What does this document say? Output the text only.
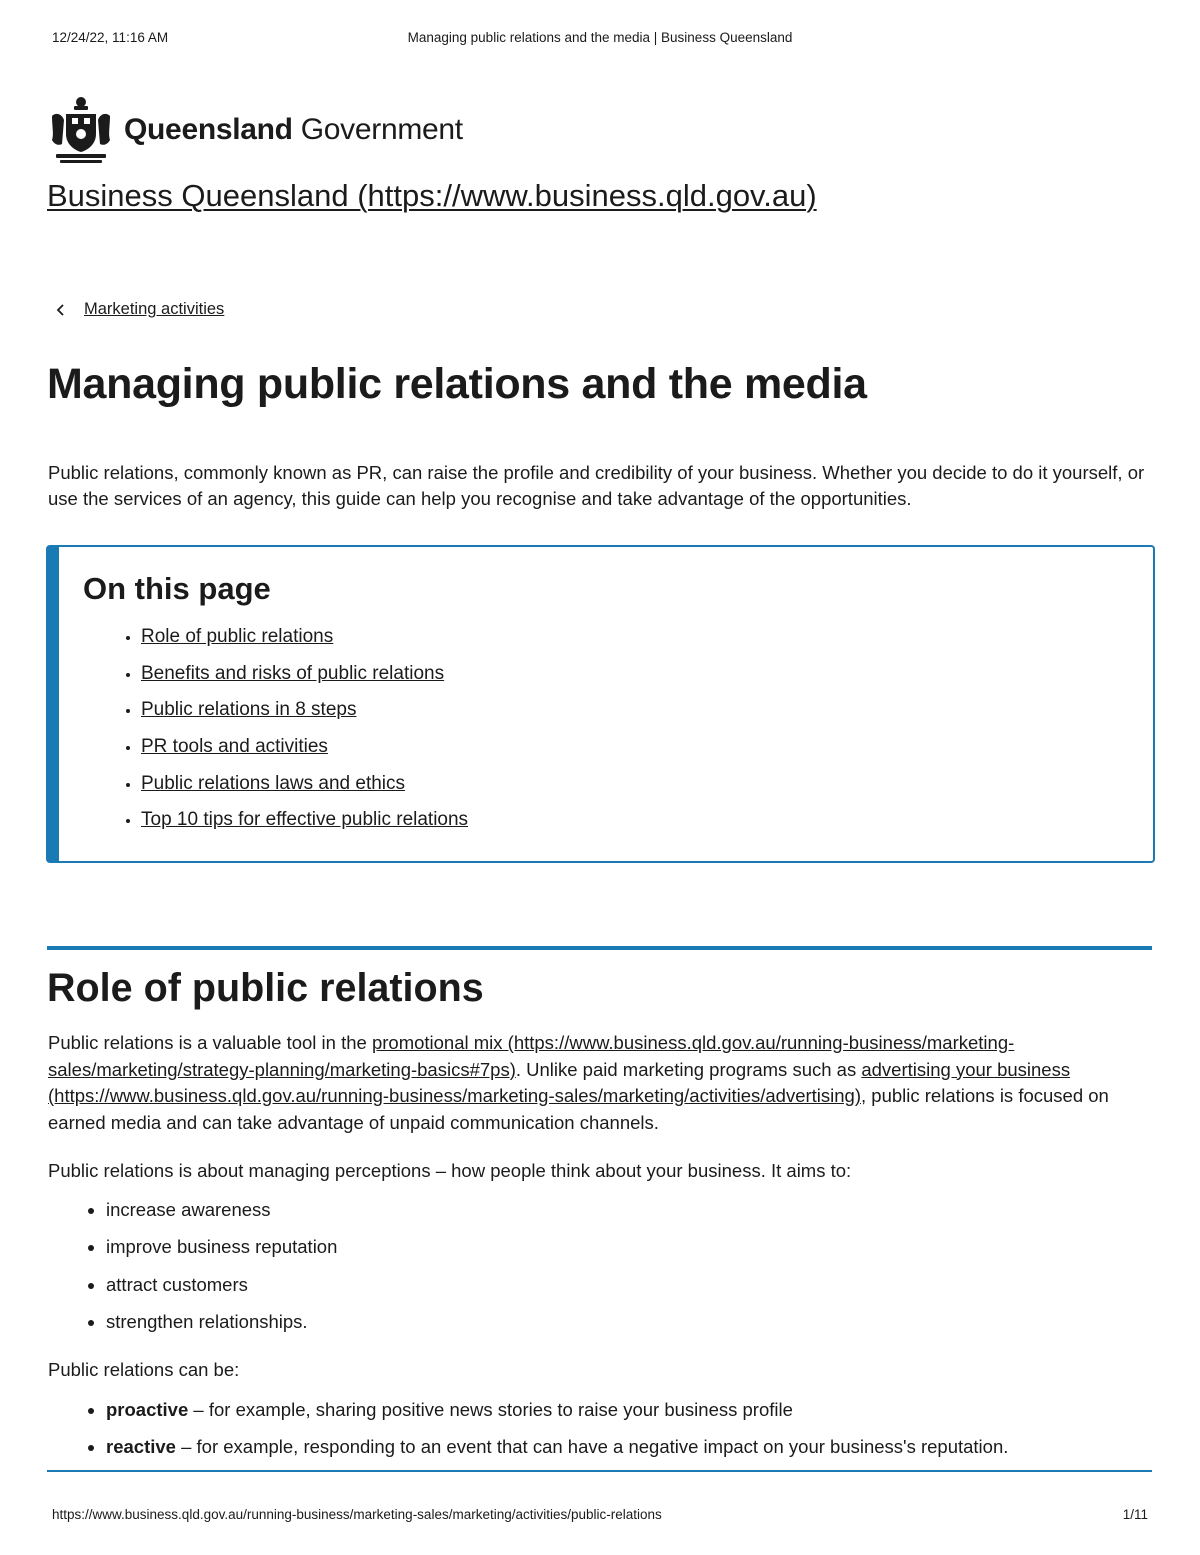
12/24/22, 11:16 AM	Managing public relations and the media | Business Queensland
Queensland Government
Business Queensland (https://www.business.qld.gov.au)
Marketing activities
Managing public relations and the media

Public relations, commonly known as PR, can raise the profile and credibility of your business. Whether you decide to do it yourself, or use the services of an agency, this guide can help you recognise and take advantage of the opportunities.

On this page
• Role of public relations
• Benefits and risks of public relations
• Public relations in 8 steps
• PR tools and activities
• Public relations laws and ethics
• Top 10 tips for effective public relations
Role of public relations

Public relations is a valuable tool in the promotional mix (https://www.business.qld.gov.au/running-business/marketing-sales/marketing/strategy-planning/marketing-basics#7ps). Unlike paid marketing programs such as advertising your business (https://www.business.qld.gov.au/running-business/marketing-sales/marketing/activities/advertising), public relations is focused on earned media and can take advantage of unpaid communication channels.

Public relations is about managing perceptions – how people think about your business. It aims to:

• increase awareness
• improve business reputation
• attract customers
• strengthen relationships.

Public relations can be:

• proactive – for example, sharing positive news stories to raise your business profile
• reactive – for example, responding to an event that can have a negative impact on your business's reputation.
https://www.business.qld.gov.au/running-business/marketing-sales/marketing/activities/public-relations	1/11
